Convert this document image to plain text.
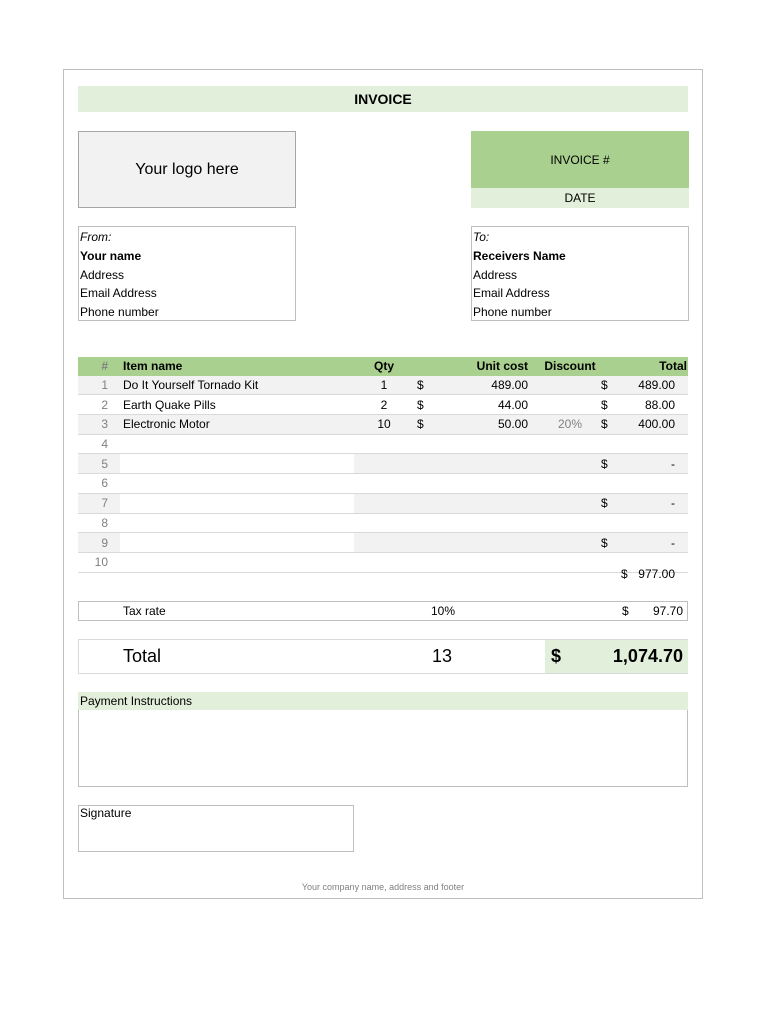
INVOICE
Your logo here
INVOICE #
DATE
From:
Your name
Address
Email Address
Phone number
To:
Receivers Name
Address
Email Address
Phone number
#	Item name	Qty	Unit cost		Discount	Total	
1	Do It Yourself Tornado Kit	1	$	489.00		$	489.00
2	Earth Quake Pills	2	$	44.00		$	88.00
3	Electronic Motor	10	$	50.00	20%	$	400.00
4							
5						$	-
6							
7						$	-
8							
9						$	-
10							
$ 977.00
Tax rate	10%	$ 97.70
Total	13	$	1,074.70
Payment Instructions
Signature
Your company name, address and footer
